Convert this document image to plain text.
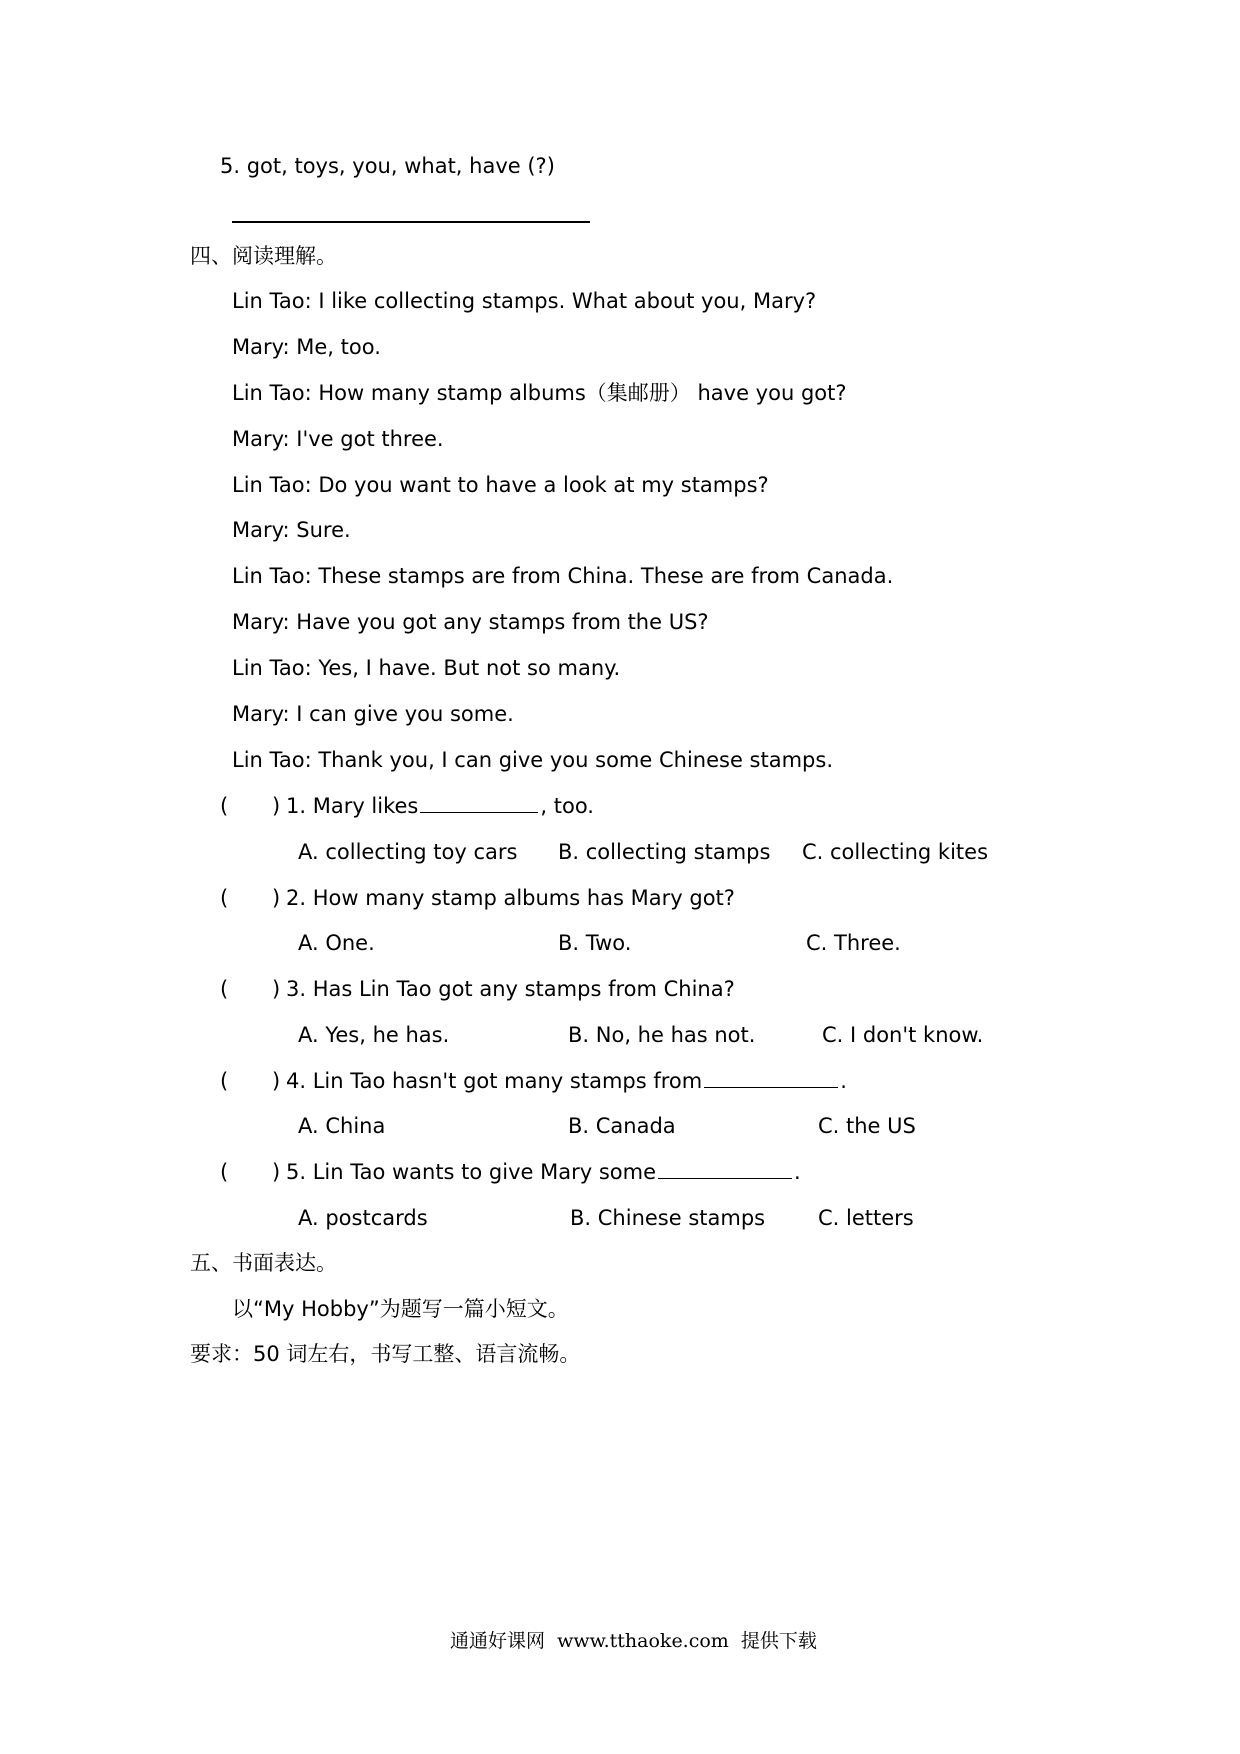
5. got, toys, you, what, have (?)
四、阅读理解。
Lin Tao: I like collecting stamps. What about you, Mary?
Mary: Me, too.
Lin Tao: How many stamp albums（集邮册） have you got?
Mary: I've got three.
Lin Tao: Do you want to have a look at my stamps?
Mary: Sure.
Lin Tao: These stamps are from China. These are from Canada.
Mary: Have you got any stamps from the US?
Lin Tao: Yes, I have. But not so many.
Mary: I can give you some.
Lin Tao: Thank you, I can give you some Chinese stamps.
( ) 1. Mary likes	, too.
A. collecting toy cars B. collecting stamps C. collecting kites
( ) 2. How many stamp albums has Mary got?
A. One.	B. Two.	C. Three.
( ) 3. Has Lin Tao got any stamps from China?
A. Yes, he has.	B. No, he has not.	C. I don't know.
( ) 4. Lin Tao hasn't got many stamps from	.
A. China	B. Canada	C. the US
( ) 5. Lin Tao wants to give Mary some	.
A. postcards	B. Chinese stamps	C. letters
五、书面表达。
以“My Hobby”为题写一篇小短文。
要求：50 词左右，书写工整、语言流畅。
通通好课网  www.tthaoke.com  提供下载
